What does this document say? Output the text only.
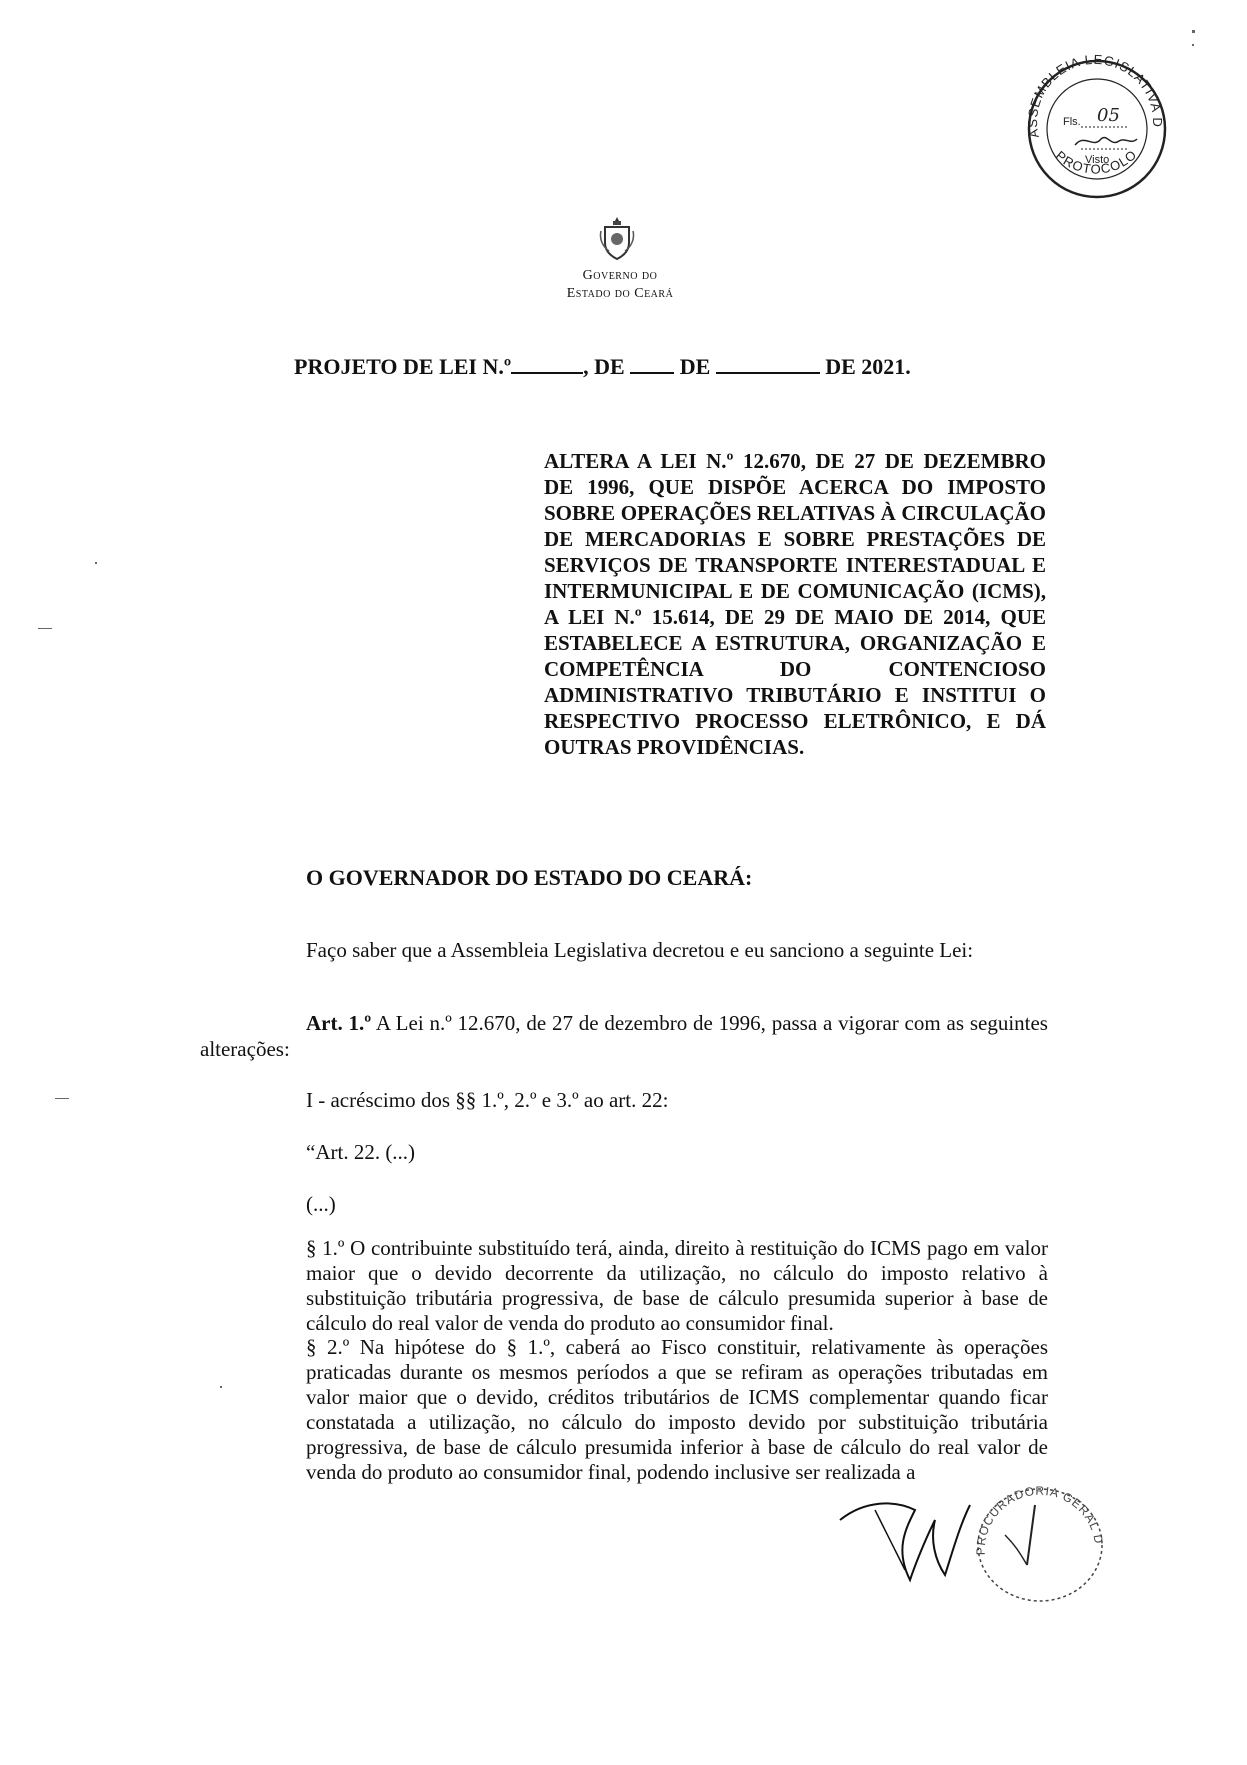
ASSEMBLEIA LEGISLATIVA D
PROTOCOLO
Fls. 05
Visto
Governo do
Estado do Ceará
PROJETO DE LEI N.º	, DE	DE	DE 2021.
ALTERA A LEI N.º 12.670, DE 27 DE DEZEMBRO DE 1996, QUE DISPÕE ACERCA DO IMPOSTO SOBRE OPERAÇÕES RELATIVAS À CIRCULAÇÃO DE MERCADORIAS E SOBRE PRESTAÇÕES DE SERVIÇOS DE TRANSPORTE INTERESTADUAL E INTERMUNICIPAL E DE COMUNICAÇÃO (ICMS), A LEI N.º 15.614, DE 29 DE MAIO DE 2014, QUE ESTABELECE A ESTRUTURA, ORGANIZAÇÃO E COMPETÊNCIA DO CONTENCIOSO ADMINISTRATIVO TRIBUTÁRIO E INSTITUI O RESPECTIVO PROCESSO ELETRÔNICO, E DÁ OUTRAS PROVIDÊNCIAS.
O GOVERNADOR DO ESTADO DO CEARÁ:
Faço saber que a Assembleia Legislativa decretou e eu sanciono a seguinte Lei:
Art. 1.º A Lei n.º 12.670, de 27 de dezembro de 1996, passa a vigorar com as seguintes alterações:
I - acréscimo dos §§ 1.º, 2.º e 3.º ao art. 22:
“Art. 22. (...)
(...)
§ 1.º O contribuinte substituído terá, ainda, direito à restituição do ICMS pago em valor maior que o devido decorrente da utilização, no cálculo do imposto relativo à substituição tributária progressiva, de base de cálculo presumida superior à base de cálculo do real valor de venda do produto ao consumidor final.
§ 2.º Na hipótese do § 1.º, caberá ao Fisco constituir, relativamente às operações praticadas durante os mesmos períodos a que se refiram as operações tributadas em valor maior que o devido, créditos tributários de ICMS complementar quando ficar constatada a utilização, no cálculo do imposto devido por substituição tributária progressiva, de base de cálculo presumida inferior à base de cálculo do real valor de venda do produto ao consumidor final, podendo inclusive ser realizada a
PROCURADORIA GERAL D
